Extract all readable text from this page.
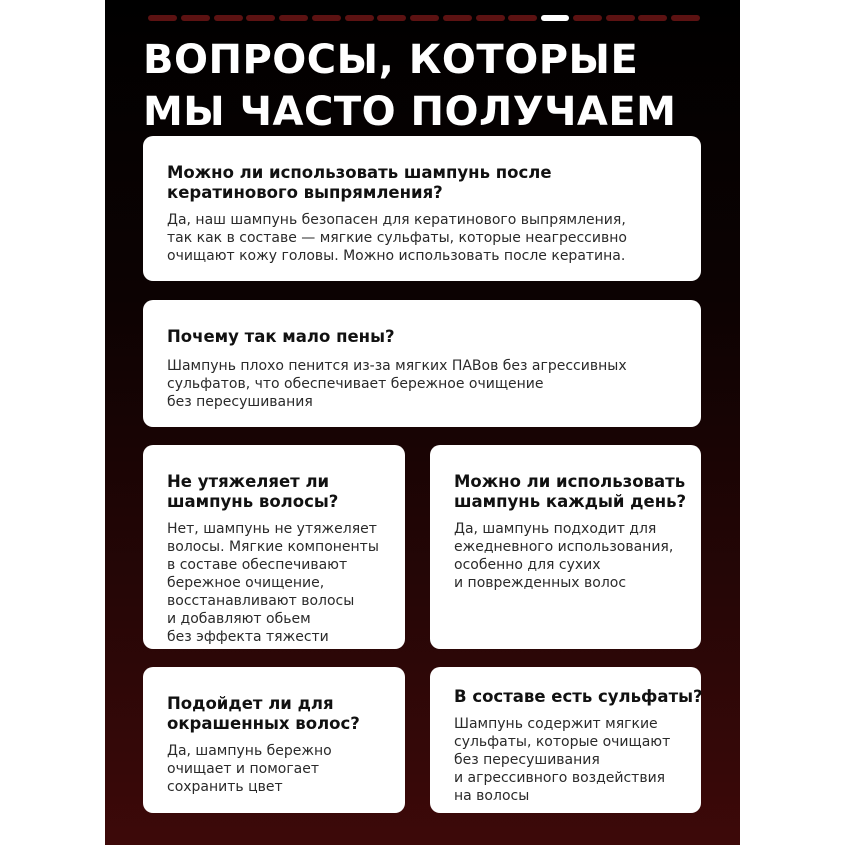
ВОПРОСЫ, КОТОРЫЕ
МЫ ЧАСТО ПОЛУЧАЕМ
Можно ли использовать шампунь после
кератинового выпрямления?

Да, наш шампунь безопасен для кератинового выпрямления,
так как в составе — мягкие сульфаты, которые неагрессивно
очищают кожу головы. Можно использовать после кератина.

Почему так мало пены?

Шампунь плохо пенится из-за мягких ПАВов без агрессивных
сульфатов, что обеспечивает бережное очищение
без пересушивания

Не утяжеляет ли
шампунь волосы?

Нет, шампунь не утяжеляет
волосы. Мягкие компоненты
в составе обеспечивают
бережное очищение,
восстанавливают волосы
и добавляют обьем
без эффекта тяжести

Можно ли использовать
шампунь каждый день?

Да, шампунь подходит для
ежедневного использования,
особенно для сухих
и поврежденных волос

Подойдет ли для
окрашенных волос?

Да, шампунь бережно
очищает и помогает
сохранить цвет

В составе есть сульфаты?

Шампунь содержит мягкие
сульфаты, которые очищают
без пересушивания
и агрессивного воздействия
на волосы
